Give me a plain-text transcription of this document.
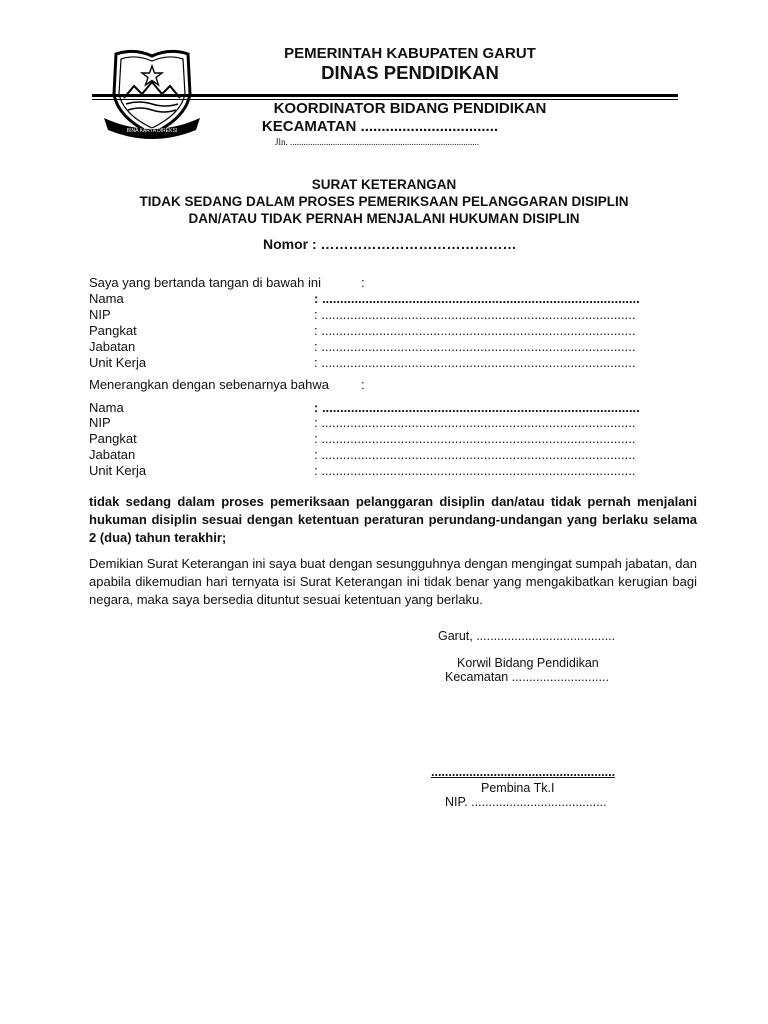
BINA KARYA DIREKSI
PEMERINTAH KABUPATEN GARUT
DINAS PENDIDIKAN
KOORDINATOR BIDANG PENDIDIKAN
KECAMATAN .................................
Jln. ....................................................................................
SURAT KETERANGAN
TIDAK SEDANG DALAM PROSES PEMERIKSAAN PELANGGARAN DISIPLIN
DAN/ATAU TIDAK PERNAH MENJALANI HUKUMAN DISIPLIN
Nomor : ……………………………………
Saya yang bertanda tangan di bawah ini	:
Nama	: ........................................................................................
NIP	: .......................................................................................
Pangkat	: .......................................................................................
Jabatan	: .......................................................................................
Unit Kerja	: .......................................................................................
Menerangkan dengan sebenarnya bahwa :
Nama	: ........................................................................................
NIP	: .......................................................................................
Pangkat	: .......................................................................................
Jabatan	: .......................................................................................
Unit Kerja	: .......................................................................................
tidak sedang dalam proses pemeriksaan pelanggaran disiplin dan/atau tidak pernah menjalani hukuman disiplin sesuai dengan ketentuan peraturan perundang-undangan yang berlaku selama 2 (dua) tahun terakhir;
Demikian Surat Keterangan ini saya buat dengan sesungguhnya dengan mengingat sumpah jabatan, dan apabila dikemudian hari ternyata isi Surat Keterangan ini tidak benar yang mengakibatkan kerugian bagi negara, maka saya bersedia dituntut sesuai ketentuan yang berlaku.
Garut, ........................................
Korwil Bidang Pendidikan
Kecamatan ............................
.....................................................
Pembina Tk.I
NIP. .......................................
